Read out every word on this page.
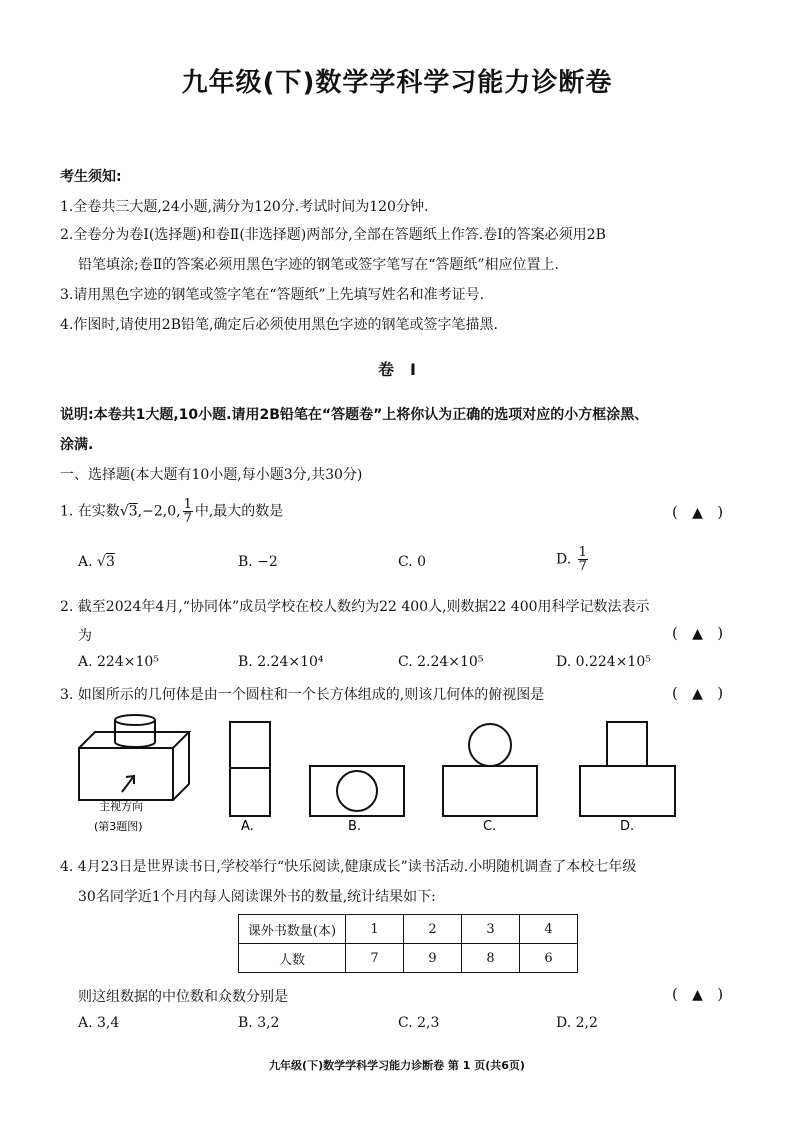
九年级(下)数学学科学习能力诊断卷
考生须知:
1.全卷共三大题,24小题,满分为120分.考试时间为120分钟.
2.全卷分为卷Ⅰ(选择题)和卷Ⅱ(非选择题)两部分,全部在答题纸上作答.卷Ⅰ的答案必须用2B
铅笔填涂;卷Ⅱ的答案必须用黑色字迹的钢笔或签字笔写在“答题纸”相应位置上.
3.请用黑色字迹的钢笔或签字笔在“答题纸”上先填写姓名和准考证号.
4.作图时,请使用2B铅笔,确定后必须使用黑色字迹的钢笔或签字笔描黑.
卷　Ⅰ
说明:本卷共1大题,10小题.请用2B铅笔在“答题卷”上将你认为正确的选项对应的小方框涂黑、
涂满.
一、选择题(本大题有10小题,每小题3分,共30分)
1. 在实数√3,−2,0, $\frac{1}{7}$ 中,最大的数是	( ▲ )
A. √3	B. −2	C. 0	D. $\frac{1}{7}$
2. 截至2024年4月,“协同体”成员学校在校人数约为22 400人,则数据22 400用科学记数法表示
为	( ▲ )
A. 224×10⁵	B. 2.24×10⁴	C. 2.24×10⁵	D. 0.224×10⁵
3. 如图所示的几何体是由一个圆柱和一个长方体组成的,则该几何体的俯视图是	( ▲ )
主视方向
(第3题图)	A.	B.	C.	D.
4. 4月23日是世界读书日,学校举行“快乐阅读,健康成长”读书活动.小明随机调查了本校七年级
30名同学近1个月内每人阅读课外书的数量,统计结果如下:
课外书数量(本)	1	2	3	4
人数	7	9	8	6
则这组数据的中位数和众数分别是	( ▲ )
A. 3,4	B. 3,2	C. 2,3	D. 2,2
九年级(下)数学学科学习能力诊断卷 第 1 页(共6页)
